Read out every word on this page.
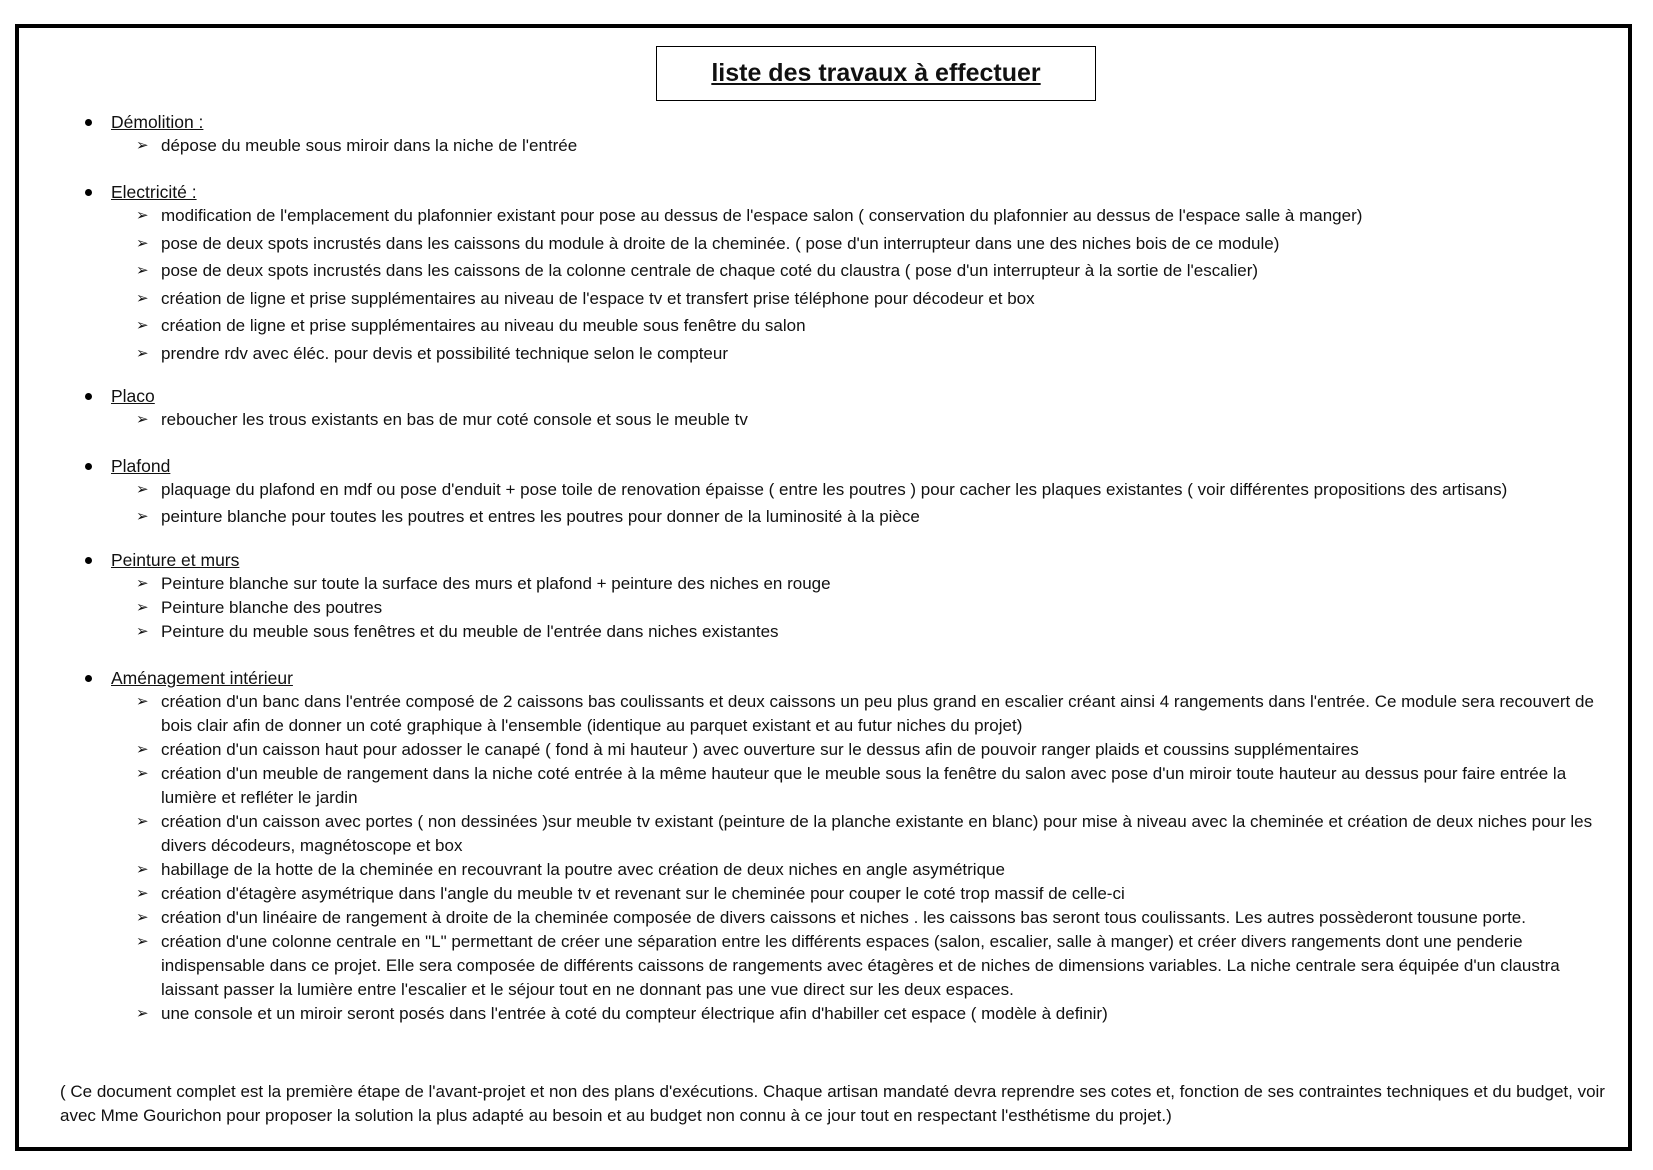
liste des travaux à effectuer
Démolition :
➢ dépose du meuble sous miroir dans la niche de l'entrée
Electricité :
➢ modification de l'emplacement du plafonnier existant pour pose au dessus de l'espace salon ( conservation du plafonnier au dessus de l'espace salle à manger)
➢ pose de deux spots incrustés dans les caissons du module à droite de la cheminée. ( pose d'un interrupteur dans une des niches bois de ce module)
➢ pose de deux spots incrustés dans les caissons de la colonne centrale de chaque coté du claustra ( pose d'un interrupteur à la sortie de l'escalier)
➢ création de ligne et prise supplémentaires au niveau de l'espace tv et transfert prise téléphone pour décodeur et box
➢ création de ligne et prise supplémentaires au niveau du meuble sous fenêtre du salon
➢ prendre rdv avec éléc. pour devis et possibilité technique selon le compteur
Placo
➢ reboucher les trous existants en bas de mur coté console et sous le meuble tv
Plafond
➢ plaquage du plafond en mdf ou pose d'enduit + pose toile de renovation épaisse ( entre les poutres ) pour cacher les plaques existantes ( voir différentes propositions des artisans)
➢ peinture blanche pour toutes les poutres et entres les poutres pour donner de la luminosité à la pièce
Peinture et murs
➢ Peinture blanche sur toute la surface des murs et plafond + peinture des niches en rouge
➢ Peinture blanche des poutres
➢ Peinture du meuble sous fenêtres et du meuble de l'entrée dans niches existantes
Aménagement intérieur
➢ création d'un banc dans l'entrée composé de 2 caissons bas coulissants et deux caissons un peu plus grand en escalier créant ainsi 4 rangements dans l'entrée. Ce module sera recouvert de bois clair afin de donner un coté graphique à l'ensemble (identique au parquet existant et au futur niches du projet)
➢ création d'un caisson haut pour adosser le canapé ( fond à mi hauteur ) avec ouverture sur le dessus afin de pouvoir ranger plaids et coussins supplémentaires
➢ création d'un meuble de rangement dans la niche coté entrée à la même hauteur que le meuble sous la fenêtre du salon avec pose d'un miroir toute hauteur au dessus pour faire entrée la lumière et refléter le jardin
➢ création d'un caisson avec portes ( non dessinées )sur meuble tv existant (peinture de la planche existante en blanc) pour mise à niveau avec la cheminée et création de deux niches pour les divers décodeurs, magnétoscope et box
➢ habillage de la hotte de la cheminée en recouvrant la poutre avec création de deux niches en angle asymétrique
➢ création d'étagère asymétrique dans l'angle du meuble tv et revenant sur le cheminée pour couper le coté trop massif de celle-ci
➢ création d'un linéaire de rangement à droite de la cheminée composée de divers caissons et niches . les caissons bas seront tous coulissants. Les autres possèderont tousune porte.
➢ création d'une colonne centrale en "L" permettant de créer une séparation entre les différents espaces (salon, escalier, salle à manger) et créer divers rangements dont une penderie indispensable dans ce projet. Elle sera composée de différents caissons de rangements avec étagères et de niches de dimensions variables. La niche centrale sera équipée d'un claustra laissant passer la lumière entre l'escalier et le séjour tout en ne donnant pas une vue direct sur les deux espaces.
➢ une console et un miroir seront posés dans l'entrée à coté du compteur électrique afin d'habiller cet espace ( modèle à definir)
( Ce document complet est la première étape de l'avant-projet et non des plans d'exécutions. Chaque artisan mandaté devra reprendre ses cotes et, fonction de ses contraintes techniques et du budget, voir avec Mme Gourichon pour proposer la solution la plus adapté au besoin et au budget non connu à ce jour tout en respectant l'esthétisme du projet.)
